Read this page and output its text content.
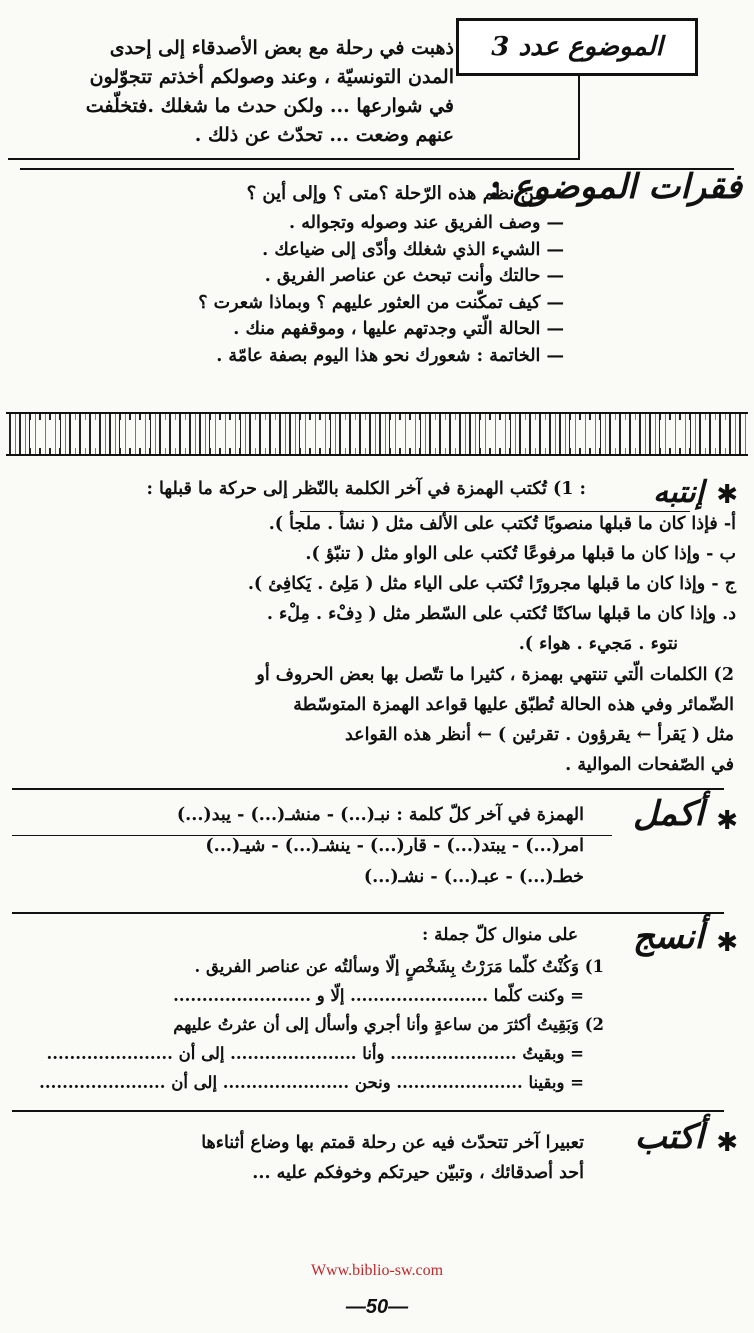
الموضوع عدد 3

ذهبت في رحلة مع بعض الأصدقاء إلى إحدى

المدن التونسيّة ، وعند وصولكم أخذتم تتجوّلون

في شوارعها ... ولكن حدث ما شغلك .فتخلّفت

عنهم وضعت ... تحدّث عن ذلك .

فقرات الموضوع :
من نظم هذه الرّحلة ؟متى ؟ وإلى أين ؟
— وصف الفريق عند وصوله وتجواله .
— الشيء الذي شغلك وأدّى إلى ضياعك .
— حالتك وأنت تبحث عن عناصر الفريق .
— كيف تمكّنت من العثور عليهم ؟ وبماذا شعرت ؟
— الحالة الّتي وجدتهم عليها ، وموقفهم منك .
— الخاتمة : شعورك نحو هذا اليوم بصفة عامّة .
✱
إنتبه

: 1) تُكتب الهمزة في آخر الكلمة بالنّظر إلى حركة ما قبلها :

أ- فإذا كان ما قبلها منصوبًا تُكتب على الألف مثل ( نشأ . ملجأ ).

ب - وإذا كان ما قبلها مرفوعًا تُكتب على الواو مثل ( تنبّؤ ).

ج - وإذا كان ما قبلها مجرورًا تُكتب على الياء مثل ( مَلِئ . يَكافِئ ).

د. وإذا كان ما قبلها ساكنًا تُكتب على السّطر مثل ( دِفْء . مِلْء .

نتوء . مَجيء . هواء ).

2) الكلمات الّتي تنتهي بهمزة ، كثيرا ما تتّصل بها بعض الحروف أو

الضّمائر وفي هذه الحالة تُطبّق عليها قواعد الهمزة المتوسّطة

مثل ( يَقرأ ← يقرؤون . تقرئين ) ← أنظر هذه القواعد

في الصّفحات الموالية .

✱
أكمل

الهمزة في آخر كلّ كلمة : نبـ(...) - منشـ(...) - يبد(...)

امر(...) - يبتد(...) - قار(...) - ينشـ(...) - شيـ(...)

خطـ(...) - عبـ(...) - نشـ(...)

✱
أنسج

على منوال كلّ جملة :

1) وَكُنْتُ كلّما مَرَرْتُ بِشَخْصٍ إلّا وسألتُه عن عناصر الفريق .

= وكنت كلّما ........................ إلّا و ........................

2) وَبَقِيتُ أكثرَ من ساعةٍ وأنا أجري وأسأل إلى أن عثرتُ عليهم

= وبقيتُ ...................... وأنا ...................... إلى أن ......................

= وبقينا ...................... ونحن ...................... إلى أن ......................

✱
أكتب

تعبيرا آخر تتحدّث فيه عن رحلة قمتم بها وضاع أثناءها

أحد أصدقائك ، وتبيّن حيرتكم وخوفكم عليه ...

Www.biblio-sw.com
—50—
